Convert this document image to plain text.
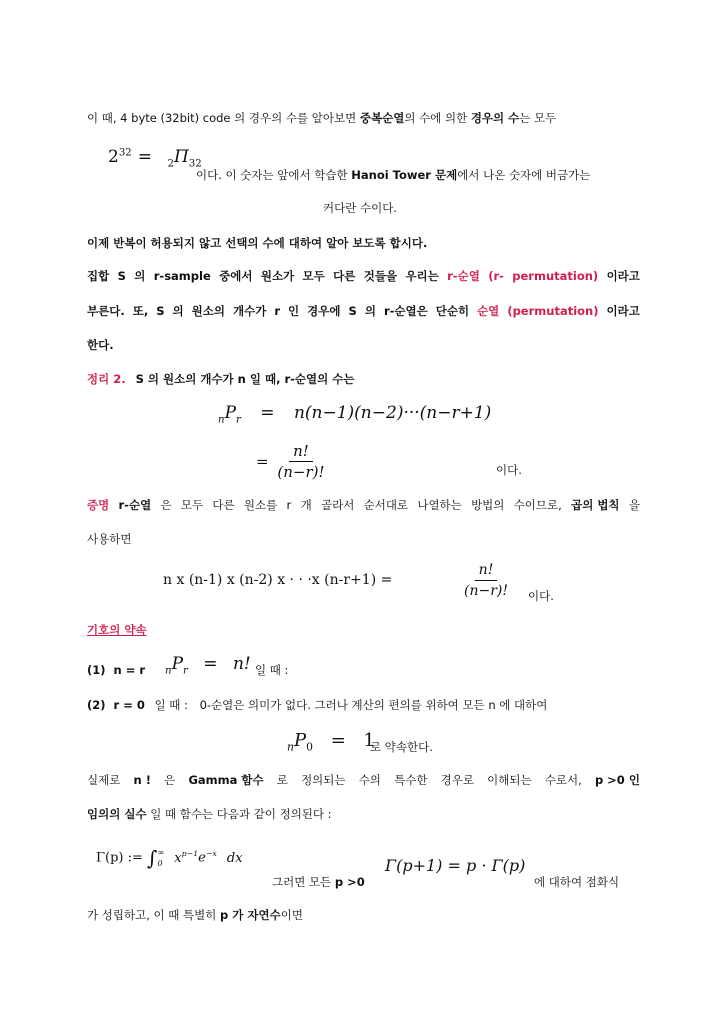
이 때, 4 byte (32bit) code 의 경우의 수를 알아보면 중복순열의 수에 의한 경우의 수는 모두
$2^{32} = _2\Pi_{32}$
이다. 이 숫자는 앞에서 학습한 Hanoi Tower 문제에서 나온 숫자에 버금가는
커다란 수이다.
이제 반복이 허용되지 않고 선택의 수에 대하여 알아 보도록 합시다.
집합 S 의 r-sample 중에서 원소가 모두 다른 것들을 우리는 r-순열 (r- permutation) 이라고
부른다. 또, S 의 원소의 개수가 r 인 경우에 S 의 r-순열은 단순히 순열 (permutation) 이라고
한다.
정리 2. S 의 원소의 개수가 n 일 때, r-순열의 수는
$_nP_r = n(n-1)(n-2)\cdot\cdot\cdot(n-r+1)$
= $\frac{n!}{(n-r)!}$	이다.
증명 r-순열 은 모두 다른 원소를 r 개 골라서 순서대로 나열하는 방법의 수이므로, 곱의 법칙 을
사용하면
n x (n-1) x (n-2) x · · ·x (n-r+1) =	$\frac{n!}{(n-r)!}$ 이다.
기호의 약속
(1) n = r $_nP_r = n$! 일 때 :
(2) r = 0 일 때 : 0-순열은 의미가 없다. 그러나 계산의 편의를 위하여 모든 n 에 대하여
$_nP_0 = 1$
로 약속한다.
실제로 n ! 은 Gamma 함수 로 정의되는 수의 특수한 경우로 이해되는 수로서, p >0 인
임의의 실수 일 때 함수는 다음과 같이 정의된다 :
Γ(p) := ∫ ∞
0 $x^{p-1}e^{-x}$ dx
그러면 모든 p >0
Γ(p+1) = p · Γ(p)
에 대하여 점화식
가 성립하고, 이 때 특별히 p 가 자연수이면
